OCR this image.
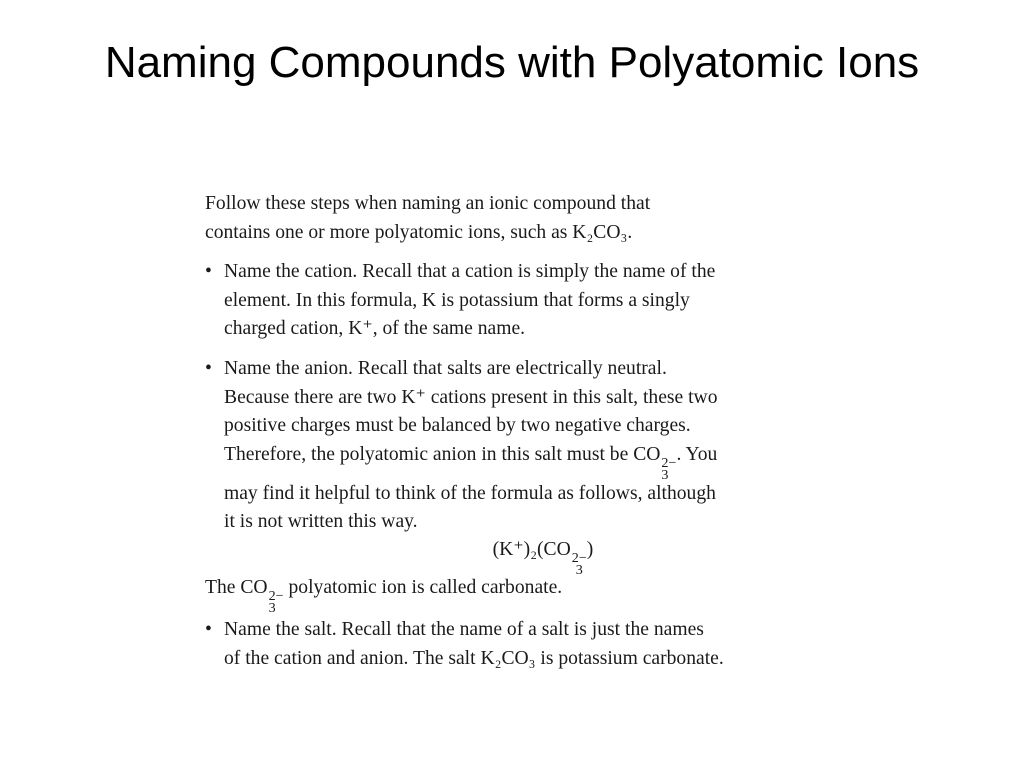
Naming Compounds with Polyatomic Ions
Follow these steps when naming an ionic compound that
contains one or more polyatomic ions, such as K₂CO₃.
• Name the cation. Recall that a cation is simply the name of the
element. In this formula, K is potassium that forms a singly
charged cation, K⁺, of the same name.
• Name the anion. Recall that salts are electrically neutral.
Because there are two K⁺ cations present in this salt, these two
positive charges must be balanced by two negative charges.
Therefore, the polyatomic anion in this salt must be CO 2−
3
. You
may find it helpful to think of the formula as follows, although
it is not written this way.
(K⁺)₂(CO 2−
3
)
The CO 2−
3
polyatomic ion is called carbonate.
• Name the salt. Recall that the name of a salt is just the names
of the cation and anion. The salt K₂CO₃ is potassium carbonate.
